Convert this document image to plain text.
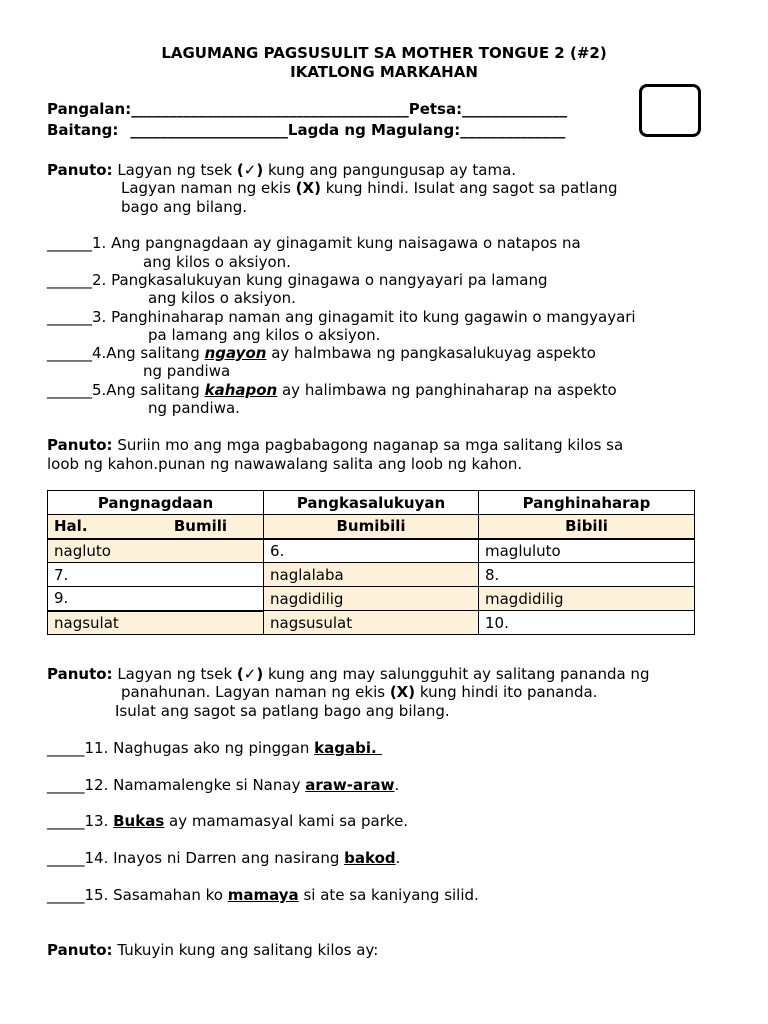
LAGUMANG PAGSUSULIT SA MOTHER TONGUE 2 (#2)
IKATLONG MARKAHAN
Pangalan:_____________________________________Petsa:______________
Baitang: _____________________Lagda ng Magulang:______________
Panuto: Lagyan ng tsek (✓) kung ang pangungusap ay tama.
Lagyan naman ng ekis (X) kung hindi. Isulat ang sagot sa patlang
bago ang bilang.
______1. Ang pangnagdaan ay ginagamit kung naisagawa o natapos na
ang kilos o aksiyon.
______2. Pangkasalukuyan kung ginagawa o nangyayari pa lamang
ang kilos o aksiyon.
______3. Panghinaharap naman ang ginagamit ito kung gagawin o mangyayari
pa lamang ang kilos o aksiyon.
______4.Ang salitang ngayon ay halmbawa ng pangkasalukuyag aspekto
ng pandiwa
______5.Ang salitang kahapon ay halimbawa ng panghinaharap na aspekto
ng pandiwa.
Panuto: Suriin mo ang mga pagbabagong naganap sa mga salitang kilos sa
loob ng kahon.punan ng nawawalang salita ang loob ng kahon.
Pangnagdaan	Pangkasalukuyan	Panghinaharap

Hal. Bumili	Bumibili	Bibili
nagluto	6.	magluluto
7.	naglalaba	8.
9.	nagdidilig	magdidilig
nagsulat	nagsusulat	10.
Panuto: Lagyan ng tsek (✓) kung ang may salungguhit ay salitang pananda ng
panahunan. Lagyan naman ng ekis (X) kung hindi ito pananda.
Isulat ang sagot sa patlang bago ang bilang.
_____11. Naghugas ako ng pinggan kagabi.
_____12. Namamalengke si Nanay araw-araw.
_____13. Bukas ay mamamasyal kami sa parke.
_____14. Inayos ni Darren ang nasirang bakod.
_____15. Sasamahan ko mamaya si ate sa kaniyang silid.
Panuto: Tukuyin kung ang salitang kilos ay:
